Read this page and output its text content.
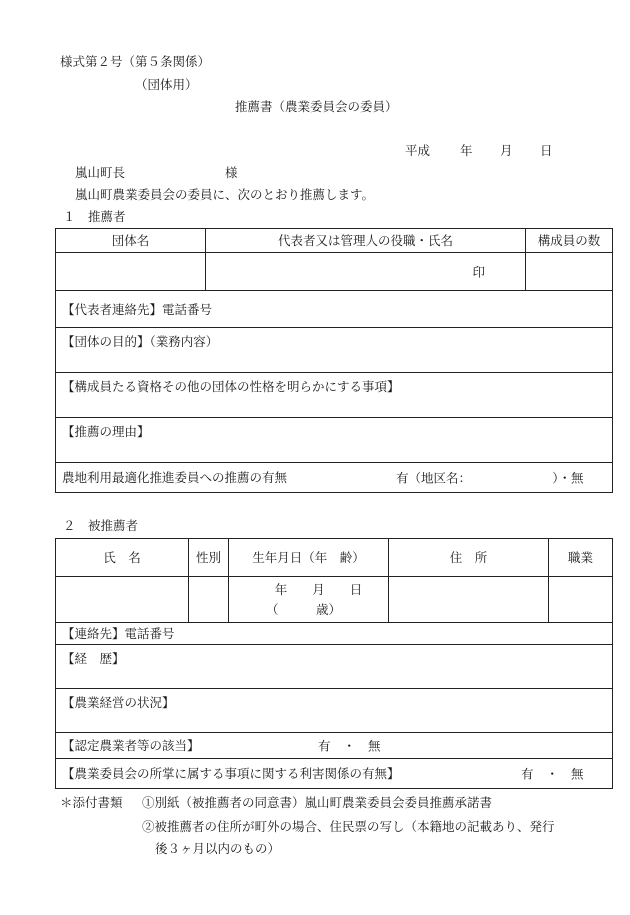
様式第２号（第５条関係）
（団体用）
推薦書（農業委員会の委員）
平成 年 月 日
嵐山町長	様
嵐山町農業委員会の委員に、次のとおり推薦します。
１　推薦者
団体名	代表者又は管理人の役職・氏名	構成員の数

	印	

【代表者連絡先】電話番号		

【団体の目的】（業務内容）		

【構成員たる資格その他の団体の性格を明らかにする事項】		

【推薦の理由】		

農地利用最適化推進委員への推薦の有無 有（地区名：　　　　　　　）・無		
２　被推薦者
氏　名	性別	生年月日（年　齢）	住　所	職業

		年　　月　　日
（　　　歳）		

【連絡先】電話番号				

【経　歴】				

【農業経営の状況】				

【認定農業者等の該当】 有　・　無				

【農業委員会の所掌に属する事項に関する利害関係の有無】 有　・　無				
＊添付書類 ①別紙（被推薦者の同意書）嵐山町農業委員会委員推薦承諾書
②被推薦者の住所が町外の場合、住民票の写し（本籍地の記載あり、発行
後３ヶ月以内のもの）
